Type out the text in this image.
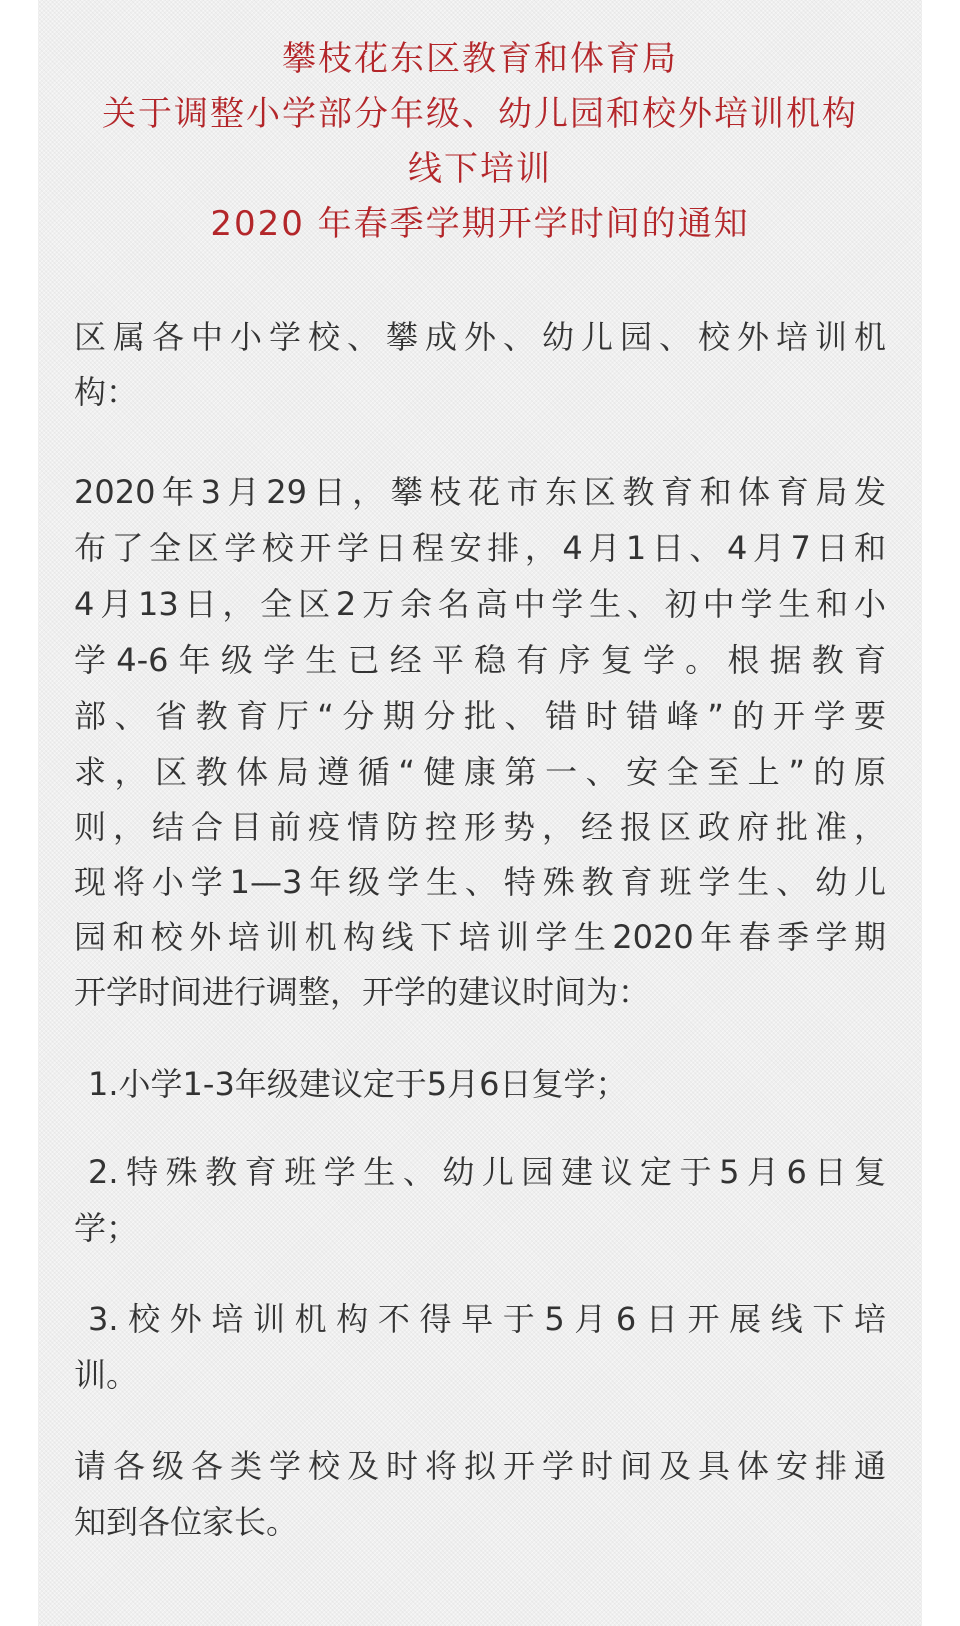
攀枝花东区教育和体育局
关于调整小学部分年级、幼儿园和校外培训机构
线下培训
2020 年春季学期开学时间的通知
区属各中小学校、攀成外、幼儿园、校外培训机
构：
2020年3月29日，攀枝花市东区教育和体育局发
布了全区学校开学日程安排，4月1日、4月7日和
4月13日，全区2万余名高中学生、初中学生和小
学4-6年级学生已经平稳有序复学。根据教育
部、省教育厅“分期分批、错时错峰”的开学要
求，区教体局遵循“健康第一、安全至上”的原
则，结合目前疫情防控形势，经报区政府批准，
现将小学1—3年级学生、特殊教育班学生、幼儿
园和校外培训机构线下培训学生2020年春季学期
开学时间进行调整，开学的建议时间为：
1.小学1-3年级建议定于5月6日复学；
2.特殊教育班学生、幼儿园建议定于5月6日复
学；
3.校外培训机构不得早于5月6日开展线下培
训。
请各级各类学校及时将拟开学时间及具体安排通
知到各位家长。
